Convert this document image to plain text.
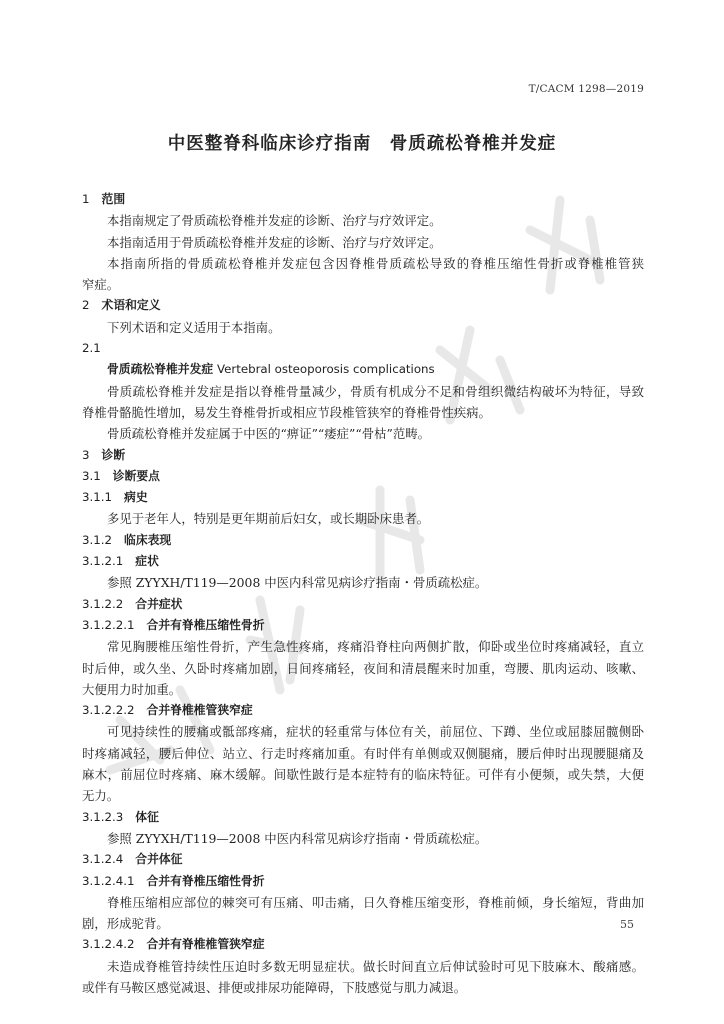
T/CACM 1298—2019
中医整脊科临床诊疗指南　骨质疏松脊椎并发症

1 范围

本指南规定了骨质疏松脊椎并发症的诊断、治疗与疗效评定。

本指南适用于骨质疏松脊椎并发症的诊断、治疗与疗效评定。

本指南所指的骨质疏松脊椎并发症包含因脊椎骨质疏松导致的脊椎压缩性骨折或脊椎椎管狭

窄症。

2 术语和定义

下列术语和定义适用于本指南。

2.1

骨质疏松脊椎并发症 Vertebral osteoporosis complications

骨质疏松脊椎并发症是指以脊椎骨量减少，骨质有机成分不足和骨组织微结构破坏为特征，导致

脊椎骨骼脆性增加，易发生脊椎骨折或相应节段椎管狭窄的脊椎骨性疾病。

骨质疏松脊椎并发症属于中医的“痹证”“痿症”“骨枯”范畴。

3 诊断

3.1 诊断要点

3.1.1 病史

多见于老年人，特别是更年期前后妇女，或长期卧床患者。

3.1.2 临床表现

3.1.2.1 症状

参照 ZYYXH/T119—2008 中医内科常见病诊疗指南・骨质疏松症。

3.1.2.2 合并症状

3.1.2.2.1 合并有脊椎压缩性骨折

常见胸腰椎压缩性骨折，产生急性疼痛，疼痛沿脊柱向两侧扩散，仰卧或坐位时疼痛减轻，直立

时后伸，或久坐、久卧时疼痛加剧，日间疼痛轻，夜间和清晨醒来时加重，弯腰、肌肉运动、咳嗽、

大便用力时加重。

3.1.2.2.2 合并脊椎椎管狭窄症

可见持续性的腰痛或骶部疼痛，症状的轻重常与体位有关，前屈位、下蹲、坐位或屈膝屈髋侧卧

时疼痛减轻，腰后伸位、站立、行走时疼痛加重。有时伴有单侧或双侧腿痛，腰后伸时出现腰腿痛及

麻木，前屈位时疼痛、麻木缓解。间歇性跛行是本症特有的临床特征。可伴有小便频，或失禁，大便

无力。

3.1.2.3 体征

参照 ZYYXH/T119—2008 中医内科常见病诊疗指南・骨质疏松症。

3.1.2.4 合并体征

3.1.2.4.1 合并有脊椎压缩性骨折

脊椎压缩相应部位的棘突可有压痛、叩击痛，日久脊椎压缩变形，脊椎前倾，身长缩短，背曲加

剧，形成驼背。

3.1.2.4.2 合并有脊椎椎管狭窄症

未造成脊椎管持续性压迫时多数无明显症状。做长时间直立后伸试验时可见下肢麻木、酸痛感。

或伴有马鞍区感觉减退、排便或排尿功能障碍，下肢感觉与肌力减退。

55
